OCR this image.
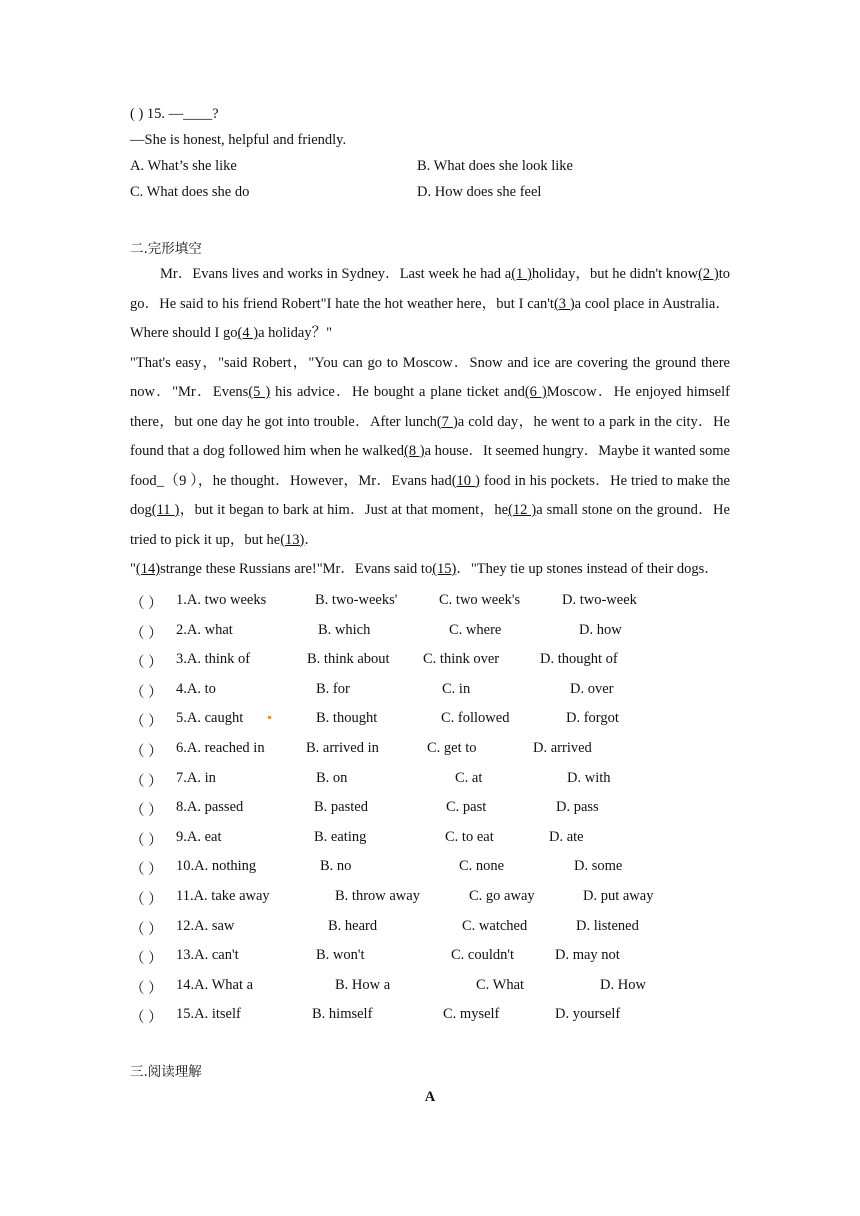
( ) 15. —____?
—She is honest, helpful and friendly.
A. What’s she like	B. What does she look like
C. What does she do	D. How does she feel
二.完形填空

Mr．Evans lives and works in Sydney．Last week he had a(1 )holiday，but he didn't know(2 )to go．He said to his friend Robert"I hate the hot weather here，but I can't(3 )a cool place in Australia．Where should I go(4 )a holiday？"

"That's easy，"said Robert，"You can go to Moscow．Snow and ice are covering the ground there now．"Mr．Evens(5 ) his advice．He bought a plane ticket and(6 )Moscow．He enjoyed himself there，but one day he got into trouble．After lunch(7 )a cold day，he went to a park in the city．He found that a dog followed him when he walked(8 )a house．It seemed hungry．Maybe it wanted some food_（9 ），he thought．However，Mr．Evans had(10 ) food in his pockets．He tried to make the dog(11 )，but it began to bark at him．Just at that moment，he(12 )a small stone on the ground．He tried to pick it up，but he(13)．

"(14)strange these Russians are!"Mr．Evans said to(15)．"They tie up stones instead of their dogs．

（ ） 1.A. two weeks	B. two-weeks'	C. two week's	D. two-week
（ ） 2.A. what	B. which	C. where	D. how
（ ） 3.A. think of	B. think about C. think over	D. thought of
（ ） 4.A. to	B. for	C. in	D. over
（ ） 5.A. caught	B. thought	C. followed	D. forgot
（ ） 6.A. reached in	B. arrived in	C. get to	D. arrived
（ ） 7.A. in	B. on	C. at	D. with
（ ） 8.A. passed	B. pasted	C. past	D. pass
（ ） 9.A. eat	B. eating	C. to eat	D. ate
（ ） 10.A. nothing	B. no	C. none	D. some
（ ） 11.A. take away	B. throw away	C. go away	D. put away
（ ） 12.A. saw	B. heard	C. watched	D. listened
（ ） 13.A. can't	B. won't	C. couldn't	D. may not
（ ） 14.A. What a	B. How a	C. What	D. How
（ ） 15.A. itself	B. himself	C. myself	D. yourself
三.阅读理解
A
